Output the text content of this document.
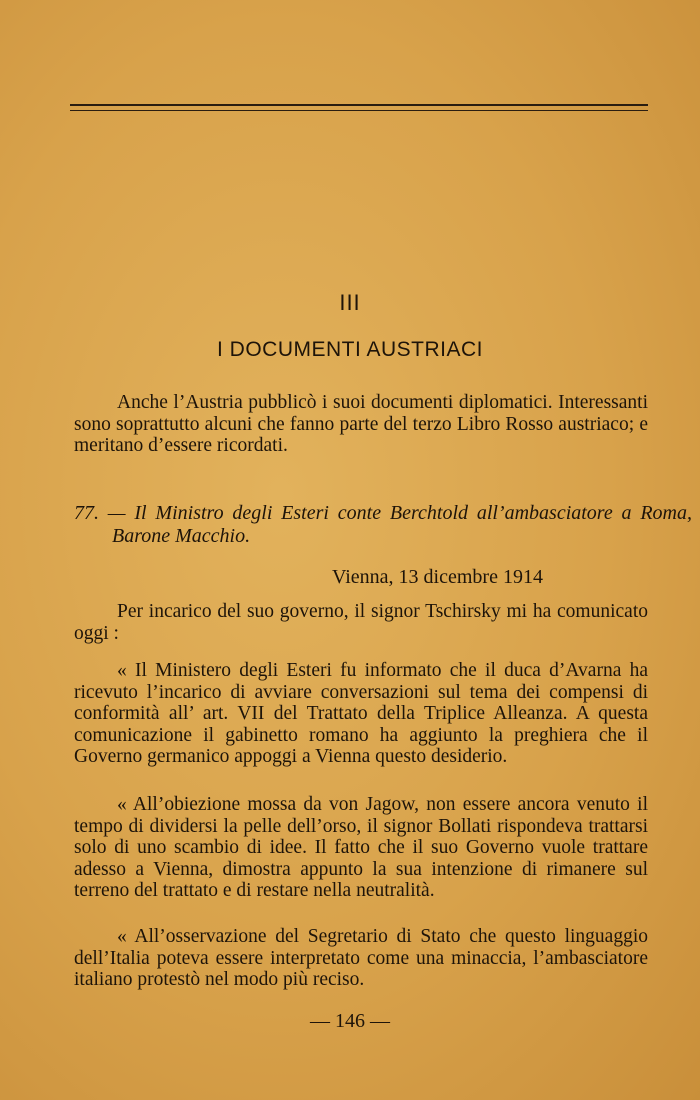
III
I DOCUMENTI AUSTRIACI
Anche l’Austria pubblicò i suoi documenti diplomatici. Interessanti sono soprattutto alcuni che fanno parte del terzo Libro Rosso austriaco; e meritano d’essere ricordati.
77. — Il Ministro degli Esteri conte Berchtold all’ambasciatore a Roma, Barone Macchio.
Vienna, 13 dicembre 1914
Per incarico del suo governo, il signor Tschirsky mi ha comunicato oggi :
« Il Ministero degli Esteri fu informato che il duca d’Avarna ha ricevuto l’incarico di avviare conversazioni sul tema dei compensi di conformità all’ art. VII del Trattato della Triplice Alleanza. A questa comunicazione il gabinetto romano ha aggiunto la preghiera che il Governo germanico appoggi a Vienna questo desiderio.
« All’obiezione mossa da von Jagow, non essere ancora venuto il tempo di dividersi la pelle dell’orso, il signor Bollati rispondeva trattarsi solo di uno scambio di idee. Il fatto che il suo Governo vuole trattare adesso a Vienna, dimostra appunto la sua intenzione di rimanere sul terreno del trattato e di restare nella neutralità.
« All’osservazione del Segretario di Stato che questo linguaggio dell’Italia poteva essere interpretato come una minaccia, l’ambasciatore italiano protestò nel modo più reciso.
— 146 —
